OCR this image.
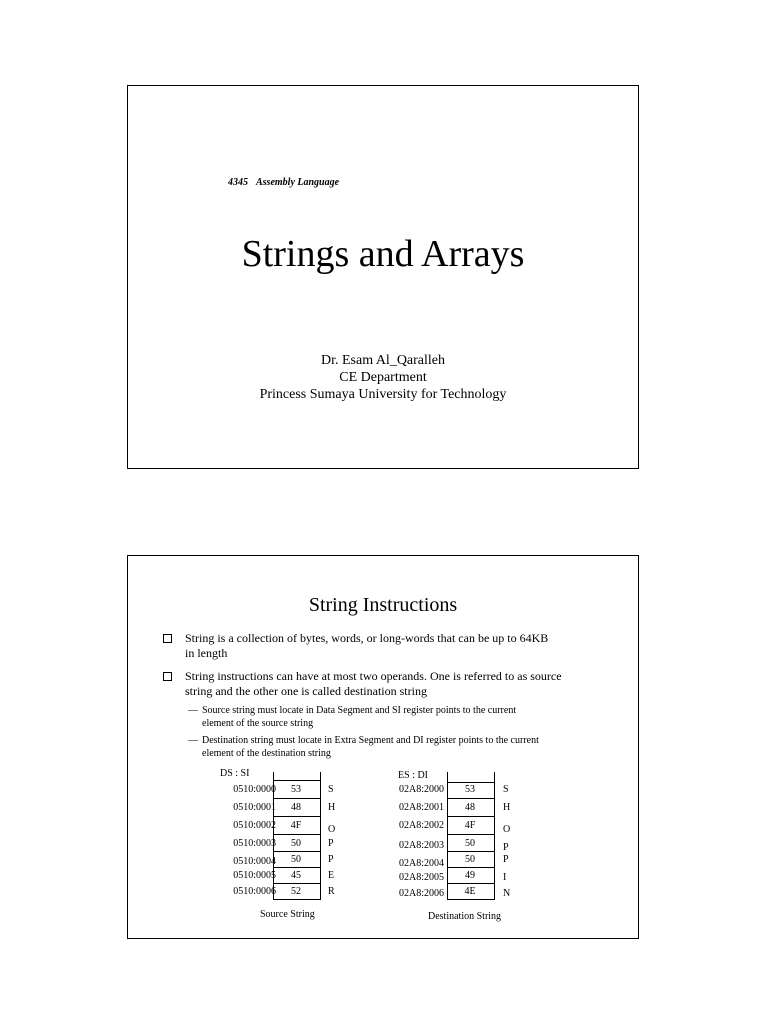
4345 Assembly Language
Strings and Arrays
Dr. Esam Al_Qaralleh
CE Department
Princess Sumaya University for Technology
String Instructions
String is a collection of bytes, words, or long-words that can be up to 64KB
in length
String instructions can have at most two operands. One is referred to as source
string and the other one is called destination string
— Source string must locate in Data Segment and SI register points to the current
element of the source string
— Destination string must locate in Extra Segment and DI register points to the current
element of the destination string
DS : SI
0510:0000	53	S
0510:0001	48	H
0510:0002	4F	O
0510:0003	50	P
0510:0004	50	P
0510:0005	45	E
0510:0006	52	R
Source String
ES : DI
02A8:2000	53	S
02A8:2001	48	H
02A8:2002	4F	O
02A8:2003	50	P
02A8:2004	50	P
02A8:2005	49	I
02A8:2006	4E	N
Destination String
